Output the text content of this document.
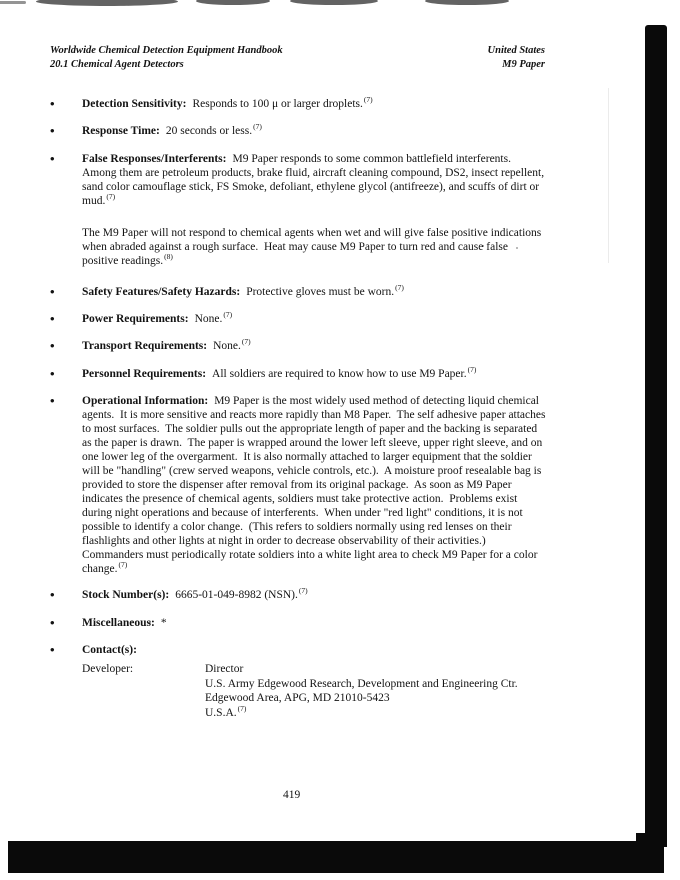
Worldwide Chemical Detection Equipment Handbook
20.1 Chemical Agent Detectors
United States
M9 Paper
•	Detection Sensitivity: Responds to 100 μ or larger droplets.$^{(7)}$

•	Response Time: 20 seconds or less.$^{(7)}$

•	False Responses/Interferents: M9 Paper responds to some common battlefield interferents.  Among them are petroleum products, brake fluid, aircraft cleaning compound, DS2, insect repellent, sand color camouflage stick, FS Smoke, defoliant, ethylene glycol (antifreeze), and scuffs of dirt or mud.$^{(7)}$

The M9 Paper will not respond to chemical agents when wet and will give false positive indications when abraded against a rough surface.  Heat may cause M9 Paper to turn red and cause false positive readings.$^{(8)}$
•	Safety Features/Safety Hazards: Protective gloves must be worn.$^{(7)}$

•	Power Requirements: None.$^{(7)}$

•	Transport Requirements: None.$^{(7)}$

•	Personnel Requirements: All soldiers are required to know how to use M9 Paper.$^{(7)}$

•	Operational Information: M9 Paper is the most widely used method of detecting liquid chemical agents.  It is more sensitive and reacts more rapidly than M8 Paper.  The self adhesive paper attaches to most surfaces.  The soldier pulls out the appropriate length of paper and the backing is separated as the paper is drawn.  The paper is wrapped around the lower left sleeve, upper right sleeve, and on one lower leg of the overgarment.  It is also normally attached to larger equipment that the soldier will be "handling" (crew served weapons, vehicle controls, etc.).  A moisture proof resealable bag is provided to store the dispenser after removal from its original package.  As soon as M9 Paper indicates the presence of chemical agents, soldiers must take protective action.  Problems exist during night operations and because of interferents.  When under "red light" conditions, it is not possible to identify a color change.  (This refers to soldiers normally using red lenses on their flashlights and other lights at night in order to decrease observability of their activities.)  Commanders must periodically rotate soldiers into a white light area to check M9 Paper for a color change.$^{(7)}$

•	Stock Number(s): 6665-01-049-8982 (NSN).$^{(7)}$

•	Miscellaneous: *

•	Contact(s):

Developer:	Director
U.S. Army Edgewood Research, Development and Engineering Ctr.
Edgewood Area, APG, MD 21010-5423
U.S.A.$^{(7)}$
419
